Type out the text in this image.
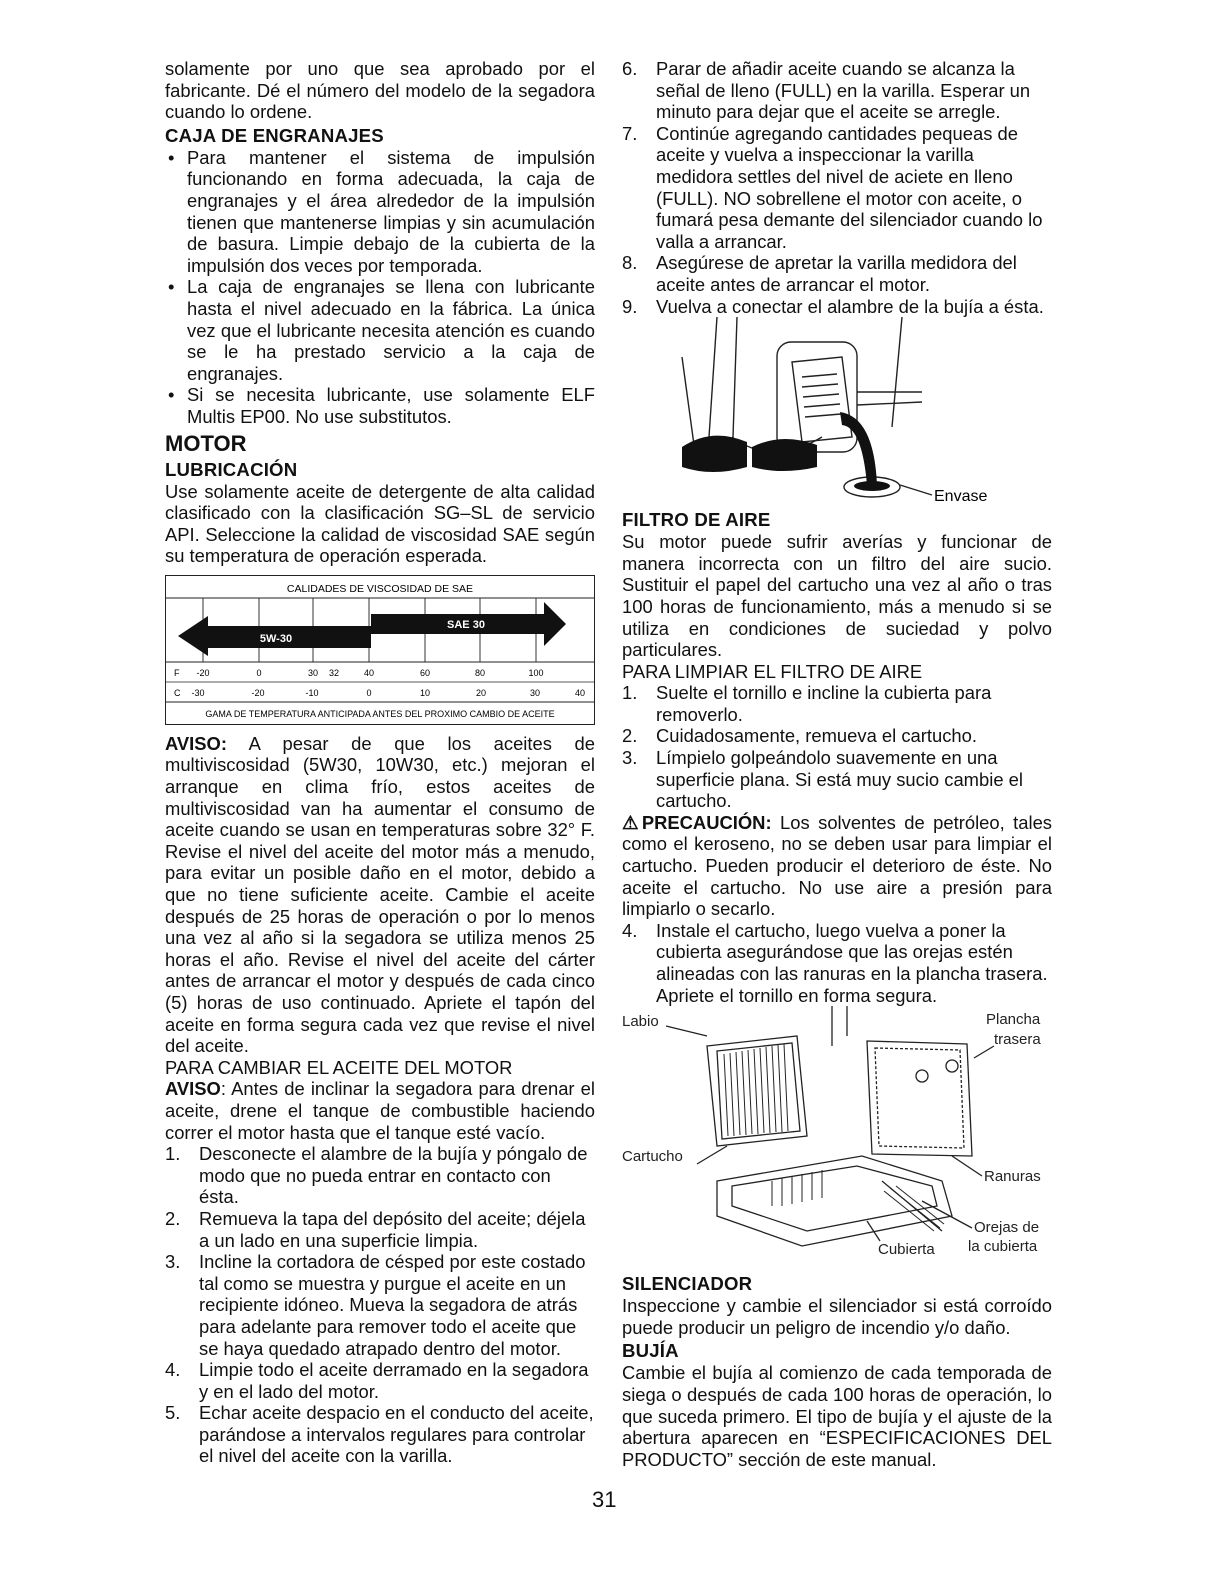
solamente por uno que sea aprobado por el fabricante. Dé el número del modelo de la segadora cuando lo ordene.

CAJA DE ENGRANAJES
• Para mantener el sistema de impulsión funcionando en forma adecuada, la caja de engranajes y el área alrededor de la impulsión tienen que mantenerse limpias y sin acumulación de basura. Limpie debajo de la cubierta de la impulsión dos veces por temporada.
• La caja de engranajes se llena con lubricante hasta el nivel adecuado en la fábrica. La única vez que el lubricante necesita atención es cuando se le ha prestado servicio a la caja de engranajes.
• Si se necesita lubricante, use solamente ELF Multis EP00. No use substitutos.
MOTOR
LUBRICACIÓN

Use solamente aceite de detergente de alta calidad clasificado con la clasificación SG–SL de servicio API. Seleccione la calidad de viscosidad SAE según su temperatura de operación esperada.

CALIDADES DE VISCOSIDAD DE SAE
5W-30
SAE 30
F -20	0	30 32	40	60	80	100
C -30	-20	-10	0	10	20	30	40
GAMA DE TEMPERATURA ANTICIPADA ANTES DEL PROXIMO CAMBIO DE ACEITE

AVISO: A pesar de que los aceites de multiviscosidad (5W30, 10W30, etc.) mejoran el arranque en clima frío, estos aceites de multiviscosidad van ha aumentar el consumo de aceite cuando se usan en temperaturas sobre 32° F. Revise el nivel del aceite del motor más a menudo, para evitar un posible daño en el motor, debido a que no tiene suficiente aceite. Cambie el aceite después de 25 horas de operación o por lo menos una vez al año si la segadora se utiliza menos 25 horas el año. Revise el nivel del aceite del cárter antes de arrancar el motor y después de cada cinco (5) horas de uso continuado. Apriete el tapón del aceite en forma segura cada vez que revise el nivel del aceite.

PARA CAMBIAR EL ACEITE DEL MOTOR

AVISO: Antes de inclinar la segadora para drenar el aceite, drene el tanque de combustible haciendo correr el motor hasta que el tanque esté vacío.

1.	Desconecte el alambre de la bujía y póngalo de modo que no pueda entrar en contacto con ésta.
2.	Remueva la tapa del depósito del aceite; déjela a un lado en una superficie limpia.
3.	Incline la cortadora de césped por este costado tal como se muestra y purgue el aceite en un recipiente idóneo. Mueva la segadora de atrás para adelante para remover todo el aceite que se haya quedado atrapado dentro del motor.
4.	Limpie todo el aceite derramado en la segadora y en el lado del motor.
5.	Echar aceite despacio en el conducto del aceite, parándose a intervalos regulares para controlar el nivel del aceite con la varilla.
6.	Parar de añadir aceite cuando se alcanza la señal de lleno (FULL) en la varilla. Esperar un minuto para dejar que el aceite se arregle.
7.	Continúe agregando cantidades pequeas de aceite y vuelva a inspeccionar la varilla medidora settles del nivel de aciete en lleno (FULL). NO sobrellene el motor con aceite, o fumará pesa demante del silenciador cuando lo valla a arrancar.
8.	Asegúrese de apretar la varilla medidora del aceite antes de arrancar el motor.
9.	Vuelva a conectar el alambre de la bujía a ésta.
Envase
FILTRO DE AIRE

Su motor puede sufrir averías y funcionar de manera incorrecta con un filtro del aire sucio. Sustituir el papel del cartucho una vez al año o tras 100 horas de funcionamiento, más a menudo si se utiliza en condiciones de suciedad y polvo particulares.

PARA LIMPIAR EL FILTRO DE AIRE

1.	Suelte el tornillo e incline la cubierta para removerlo.
2.	Cuidadosamente, remueva el cartucho.
3.	Límpielo golpeándolo suavemente en una superficie plana. Si está muy sucio cambie el cartucho.

⚠PRECAUCIÓN: Los solventes de petróleo, tales como el keroseno, no se deben usar para limpiar el cartucho. Pueden producir el deterioro de éste. No aceite el cartucho. No use aire a presión para limpiarlo o secarlo.

4.	Instale el cartucho, luego vuelva a poner la cubierta asegurándose que las orejas estén alineadas con las ranuras en la plancha trasera. Apriete el tornillo en forma segura.
Labio	Plancha
trasera
Cartucho
Ranuras
Orejas de
la cubierta
Cubierta
SILENCIADOR

Inspeccione y cambie el silenciador si está corroído puede producir un peligro de incendio y/o daño.

BUJÍA

Cambie el bujía al comienzo de cada temporada de siega o después de cada 100 horas de operación, lo que suceda primero. El tipo de bujía y el ajuste de la abertura aparecen en “ESPECIFICACIONES DEL PRODUCTO” sección de este manual.

31
